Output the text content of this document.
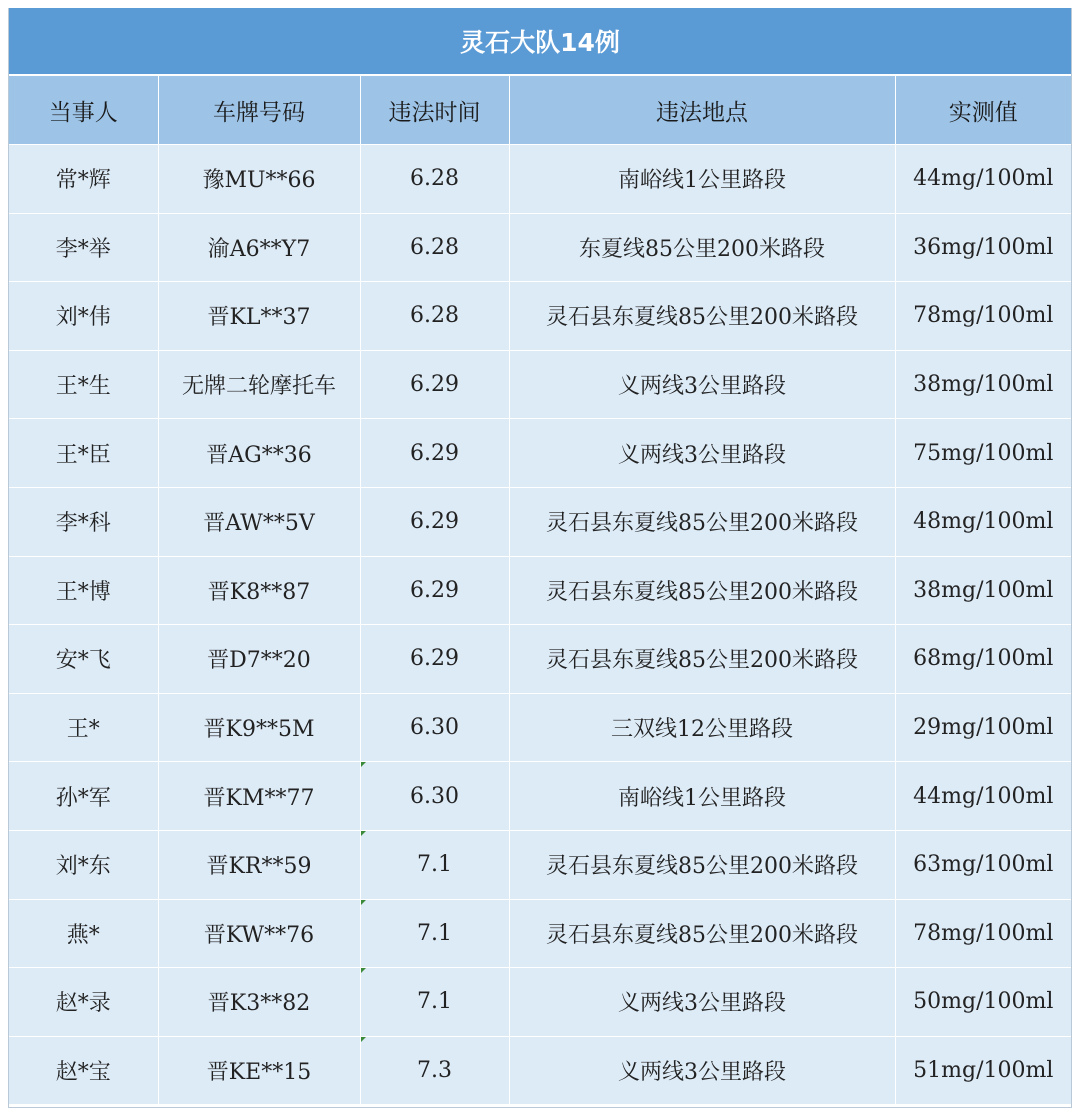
灵石大队14例
当事人	车牌号码	违法时间	违法地点	实测值
常*辉	豫MU**66	6.28	南峪线1公里路段	44mg/100ml
李*举	渝A6**Y7	6.28	东夏线85公里200米路段	36mg/100ml
刘*伟	晋KL**37	6.28	灵石县东夏线85公里200米路段	78mg/100ml
王*生	无牌二轮摩托车	6.29	义两线3公里路段	38mg/100ml
王*臣	晋AG**36	6.29	义两线3公里路段	75mg/100ml
李*科	晋AW**5V	6.29	灵石县东夏线85公里200米路段	48mg/100ml
王*博	晋K8**87	6.29	灵石县东夏线85公里200米路段	38mg/100ml
安*飞	晋D7**20	6.29	灵石县东夏线85公里200米路段	68mg/100ml
王*	晋K9**5M	6.30	三双线12公里路段	29mg/100ml
孙*军	晋KM**77	6.30	南峪线1公里路段	44mg/100ml
刘*东	晋KR**59	7.1	灵石县东夏线85公里200米路段	63mg/100ml
燕*	晋KW**76	7.1	灵石县东夏线85公里200米路段	78mg/100ml
赵*录	晋K3**82	7.1	义两线3公里路段	50mg/100ml
赵*宝	晋KE**15	7.3	义两线3公里路段	51mg/100ml
